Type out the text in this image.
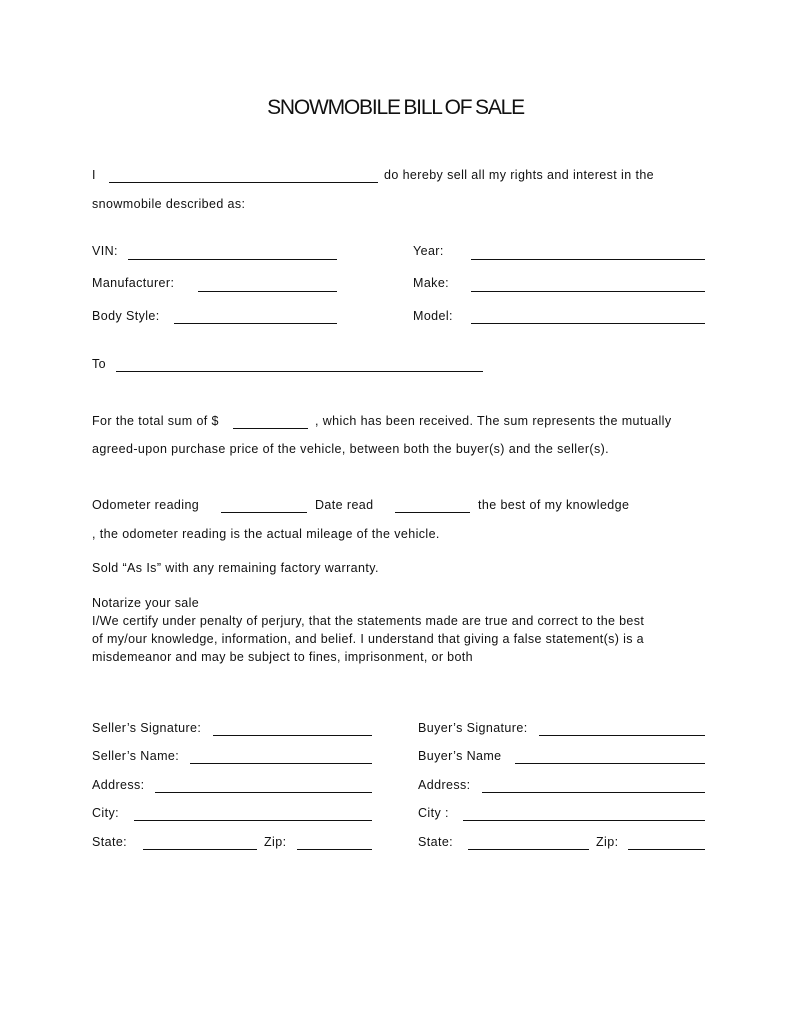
SNOWMOBILE BILL OF SALE
I	do hereby sell all my rights and interest in the
snowmobile described as:
VIN:	Year:
Manufacturer:	Make:
Body Style:	Model:
To
For the total sum of $	, which has been received. The sum represents the mutually
agreed-upon purchase price of the vehicle, between both the buyer(s) and the seller(s).
Odometer reading	Date read	the best of my knowledge
, the odometer reading is the actual mileage of the vehicle.
Sold “As Is” with any remaining factory warranty.
Notarize your sale
I/We certify under penalty of perjury, that the statements made are true and correct to the best
of my/our knowledge, information, and belief. I understand that giving a false statement(s) is a
misdemeanor and may be subject to fines, imprisonment, or both
Seller’s Signature:
Seller’s Name:
Address:
City:
State:	Zip:
Buyer’s Signature:
Buyer’s Name
Address:
City :
State:	Zip:
